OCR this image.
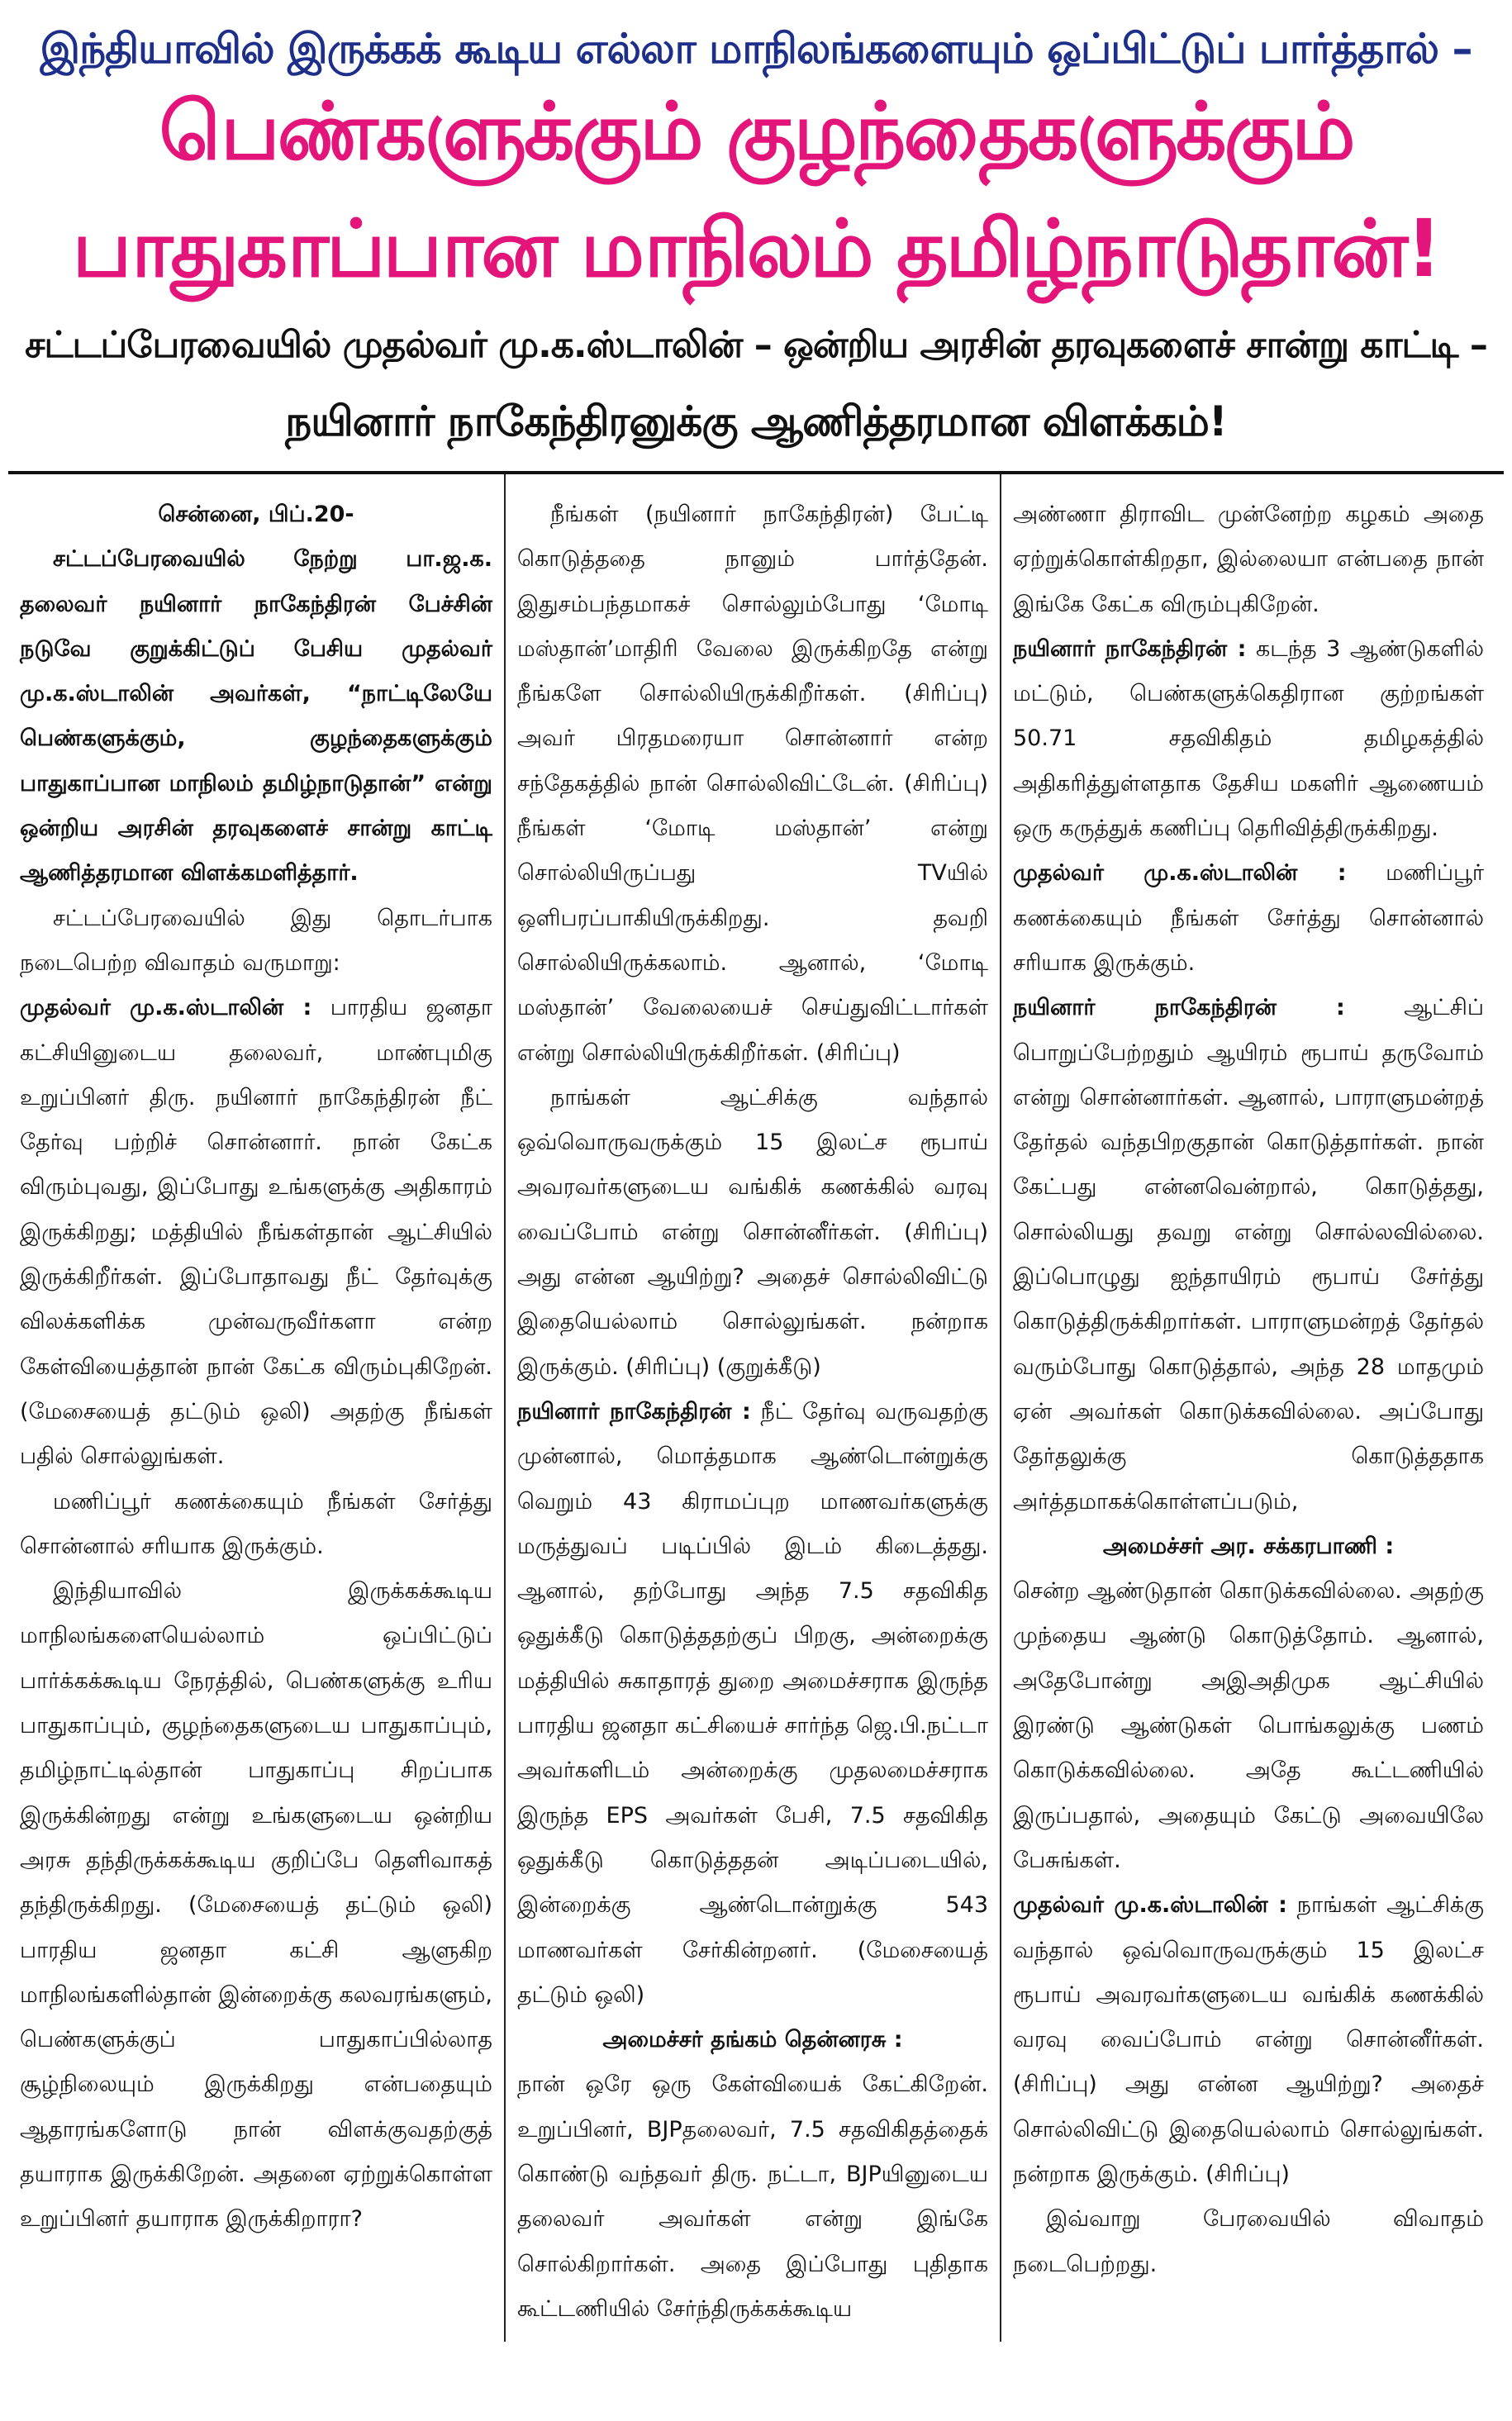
இந்தியாவில் இருக்கக் கூடிய எல்லா மாநிலங்களையும் ஒப்பிட்டுப் பார்த்தால் –

பெண்களுக்கும் குழந்தைகளுக்கும்

பாதுகாப்பான மாநிலம் தமிழ்நாடுதான்!

சட்டப்பேரவையில் முதல்வர் மு.க.ஸ்டாலின் – ஒன்றிய அரசின் தரவுகளைச் சான்று காட்டி –

நயினார் நாகேந்திரனுக்கு ஆணித்தரமான விளக்கம்!

சென்னை, பிப்.20-

சட்டப்பேரவையில் நேற்று பா.ஜ.க. தலைவர் நயினார் நாகேந்திரன் பேச்சின் நடுவே குறுக்கிட்டுப் பேசிய முதல்வர் மு.க.ஸ்டாலின் அவர்கள், “நாட்டிலேயே பெண்களுக்கும், குழந்தைகளுக்கும் பாதுகாப்பான மாநிலம் தமிழ்நாடுதான்” என்று ஒன்றிய அரசின் தரவுகளைச் சான்று காட்டி ஆணித்தரமான விளக்கமளித்தார்.

சட்டப்பேரவையில் இது தொடர்பாக நடைபெற்ற விவாதம் வருமாறு:

முதல்வர் மு.க.ஸ்டாலின் : பாரதிய ஜனதா கட்சியினுடைய தலைவர், மாண்புமிகு உறுப்பினர் திரு. நயினார் நாகேந்திரன் நீட் தேர்வு பற்றிச் சொன்னார். நான் கேட்க விரும்புவது, இப்போது உங்களுக்கு அதிகாரம் இருக்கிறது; மத்தியில் நீங்கள்தான் ஆட்சியில் இருக்கிறீர்கள். இப்போதாவது நீட் தேர்வுக்கு விலக்களிக்க முன்வருவீர்களா என்ற கேள்வியைத்தான் நான் கேட்க விரும்புகிறேன். (மேசையைத் தட்டும் ஒலி) அதற்கு நீங்கள் பதில் சொல்லுங்கள்.

மணிப்பூர் கணக்கையும் நீங்கள் சேர்த்து சொன்னால் சரியாக இருக்கும்.

இந்தியாவில் இருக்கக்கூடிய மாநிலங்களையெல்லாம் ஒப்பிட்டுப் பார்க்கக்கூடிய நேரத்தில், பெண்களுக்கு உரிய பாதுகாப்பும், குழந்தைகளுடைய பாதுகாப்பும், தமிழ்நாட்டில்தான் பாதுகாப்பு சிறப்பாக இருக்கின்றது என்று உங்களுடைய ஒன்றிய அரசு தந்திருக்கக்கூடிய குறிப்பே தெளிவாகத் தந்திருக்கிறது. (மேசையைத் தட்டும் ஒலி) பாரதிய ஜனதா கட்சி ஆளுகிற மாநிலங்களில்தான் இன்றைக்கு கலவரங்களும், பெண்களுக்குப் பாதுகாப்பில்லாத சூழ்நிலையும் இருக்கிறது என்பதையும் ஆதாரங்களோடு நான் விளக்குவதற்குத் தயாராக இருக்கிறேன். அதனை ஏற்றுக்கொள்ள உறுப்பினர் தயாராக இருக்கிறாரா?

நீங்கள் (நயினார் நாகேந்திரன்) பேட்டி கொடுத்ததை நானும் பார்த்தேன். இதுசம்பந்தமாகச் சொல்லும்போது ‘மோடி மஸ்தான்’மாதிரி வேலை இருக்கிறதே என்று நீங்களே சொல்லியிருக்கிறீர்கள். (சிரிப்பு) அவர் பிரதமரையா சொன்னார் என்ற சந்தேகத்தில் நான் சொல்லிவிட்டேன். (சிரிப்பு) நீங்கள் ‘மோடி மஸ்தான்’ என்று சொல்லியிருப்பது TVயில் ஒளிபரப்பாகியிருக்கிறது. தவறி சொல்லியிருக்கலாம். ஆனால், ‘மோடி மஸ்தான்’ வேலையைச் செய்துவிட்டார்கள் என்று சொல்லியிருக்கிறீர்கள். (சிரிப்பு)

நாங்கள் ஆட்சிக்கு வந்தால் ஒவ்வொருவருக்கும் 15 இலட்ச ரூபாய் அவரவர்களுடைய வங்கிக் கணக்கில் வரவு வைப்போம் என்று சொன்னீர்கள். (சிரிப்பு) அது என்ன ஆயிற்று? அதைச் சொல்லிவிட்டு இதையெல்லாம் சொல்லுங்கள். நன்றாக இருக்கும். (சிரிப்பு) (குறுக்கீடு)

நயினார் நாகேந்திரன் : நீட் தேர்வு வருவதற்கு முன்னால், மொத்தமாக ஆண்டொன்றுக்கு வெறும் 43 கிராமப்புற மாணவர்களுக்கு மருத்துவப் படிப்பில் இடம் கிடைத்தது. ஆனால், தற்போது அந்த 7.5 சதவிகித ஒதுக்கீடு கொடுத்ததற்குப் பிறகு, அன்றைக்கு மத்தியில் சுகாதாரத் துறை அமைச்சராக இருந்த பாரதிய ஜனதா கட்சியைச் சார்ந்த ஜெ.பி.நட்டா அவர்களிடம் அன்றைக்கு முதலமைச்சராக இருந்த EPS அவர்கள் பேசி, 7.5 சதவிகித ஒதுக்கீடு கொடுத்ததன் அடிப்படையில், இன்றைக்கு ஆண்டொன்றுக்கு 543 மாணவர்கள் சேர்கின்றனர். (மேசையைத் தட்டும் ஒலி)

அமைச்சர் தங்கம் தென்னரசு :

நான் ஒரே ஒரு கேள்வியைக் கேட்கிறேன். உறுப்பினர், BJPதலைவர், 7.5 சதவிகிதத்தைக் கொண்டு வந்தவர் திரு. நட்டா, BJPயினுடைய தலைவர் அவர்கள் என்று இங்கே சொல்கிறார்கள். அதை இப்போது புதிதாக கூட்டணியில் சேர்ந்திருக்கக்கூடிய

அண்ணா திராவிட முன்னேற்ற கழகம் அதை ஏற்றுக்கொள்கிறதா, இல்லையா என்பதை நான் இங்கே கேட்க விரும்புகிறேன்.

நயினார் நாகேந்திரன் : கடந்த 3 ஆண்டுகளில் மட்டும், பெண்களுக்கெதிரான குற்றங்கள் 50.71 சதவிகிதம் தமிழகத்தில் அதிகரித்துள்ளதாக தேசிய மகளிர் ஆணையம் ஒரு கருத்துக் கணிப்பு தெரிவித்திருக்கிறது.

முதல்வர் மு.க.ஸ்டாலின் : மணிப்பூர் கணக்கையும் நீங்கள் சேர்த்து சொன்னால் சரியாக இருக்கும்.

நயினார் நாகேந்திரன் :	ஆட்சிப் பொறுப்பேற்றதும் ஆயிரம் ரூபாய் தருவோம் என்று சொன்னார்கள். ஆனால், பாராளுமன்றத் தேர்தல் வந்தபிறகுதான் கொடுத்தார்கள். நான் கேட்பது என்னவென்றால், கொடுத்தது, சொல்லியது தவறு என்று சொல்லவில்லை. இப்பொழுது ஐந்தாயிரம் ரூபாய் சேர்த்து கொடுத்திருக்கிறார்கள். பாராளுமன்றத் தேர்தல் வரும்போது கொடுத்தால், அந்த 28 மாதமும் ஏன் அவர்கள் கொடுக்கவில்லை. அப்போது தேர்தலுக்கு கொடுத்ததாக அர்த்தமாகக்கொள்ளப்படும்,

அமைச்சர் அர. சக்கரபாணி :

சென்ற ஆண்டுதான் கொடுக்கவில்லை. அதற்கு முந்தைய ஆண்டு கொடுத்தோம். ஆனால், அதேபோன்று அஇஅதிமுக ஆட்சியில் இரண்டு ஆண்டுகள் பொங்கலுக்கு பணம் கொடுக்கவில்லை. அதே கூட்டணியில் இருப்பதால், அதையும் கேட்டு அவையிலே பேசுங்கள்.

முதல்வர் மு.க.ஸ்டாலின் : நாங்கள் ஆட்சிக்கு வந்தால் ஒவ்வொருவருக்கும் 15 இலட்ச ரூபாய் அவரவர்களுடைய வங்கிக் கணக்கில் வரவு வைப்போம் என்று சொன்னீர்கள். (சிரிப்பு) அது என்ன ஆயிற்று? அதைச் சொல்லிவிட்டு இதையெல்லாம் சொல்லுங்கள். நன்றாக இருக்கும். (சிரிப்பு)

இவ்வாறு பேரவையில் விவாதம் நடைபெற்றது.
